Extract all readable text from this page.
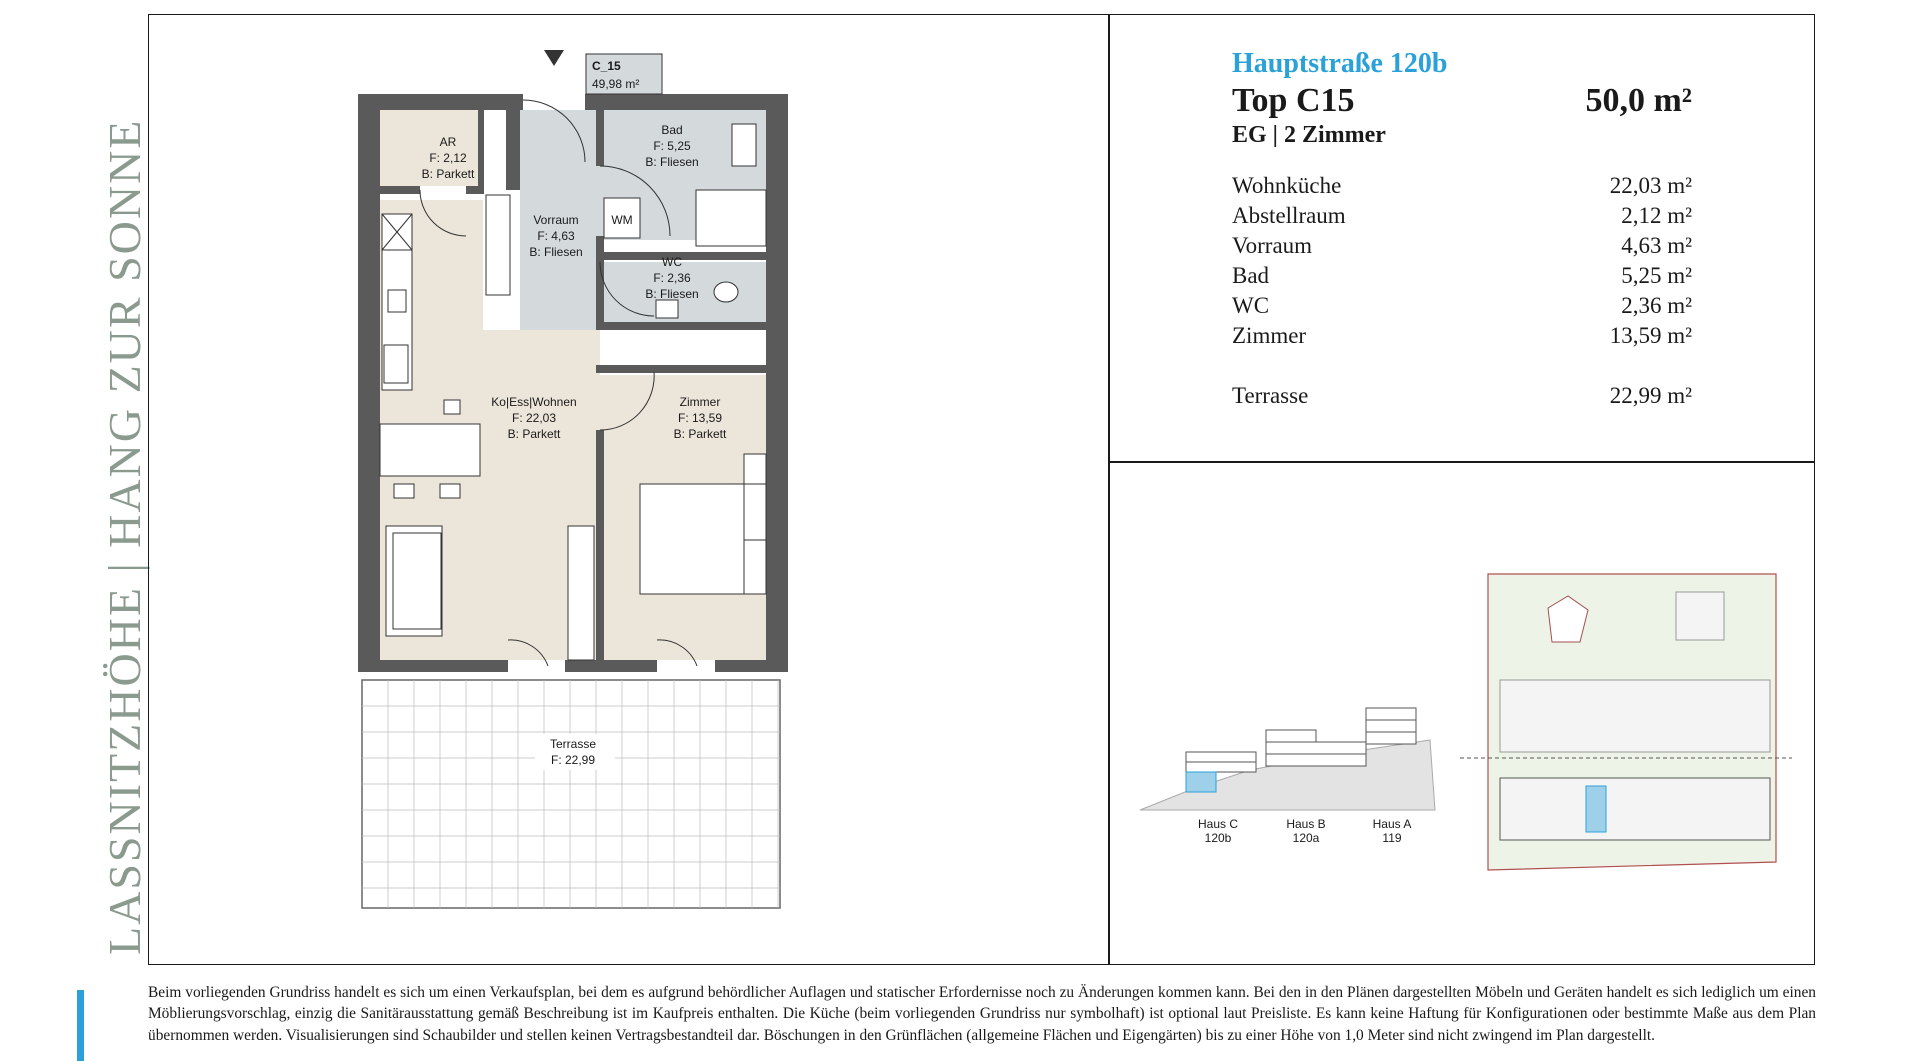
LASSNITZHÖHE | HANG ZUR SONNE
C_15
49,98 m²
AR
F: 2,12
B: Parkett
Bad
F: 5,25
B: Fliesen
WM
Vorraum
F: 4,63
B: Fliesen
WC
F: 2,36
B: Fliesen
Ko|Ess|Wohnen
F: 22,03
B: Parkett
Zimmer
F: 13,59
B: Parkett
Terrasse
F: 22,99
Hauptstraße 120b
Top C15	50,0 m²
EG | 2 Zimmer
Wohnküche	22,03 m²
Abstellraum	2,12 m²
Vorraum	4,63 m²
Bad	5,25 m²
WC	2,36 m²
Zimmer	13,59 m²
Terrasse	22,99 m²
Haus C
120b
Haus B
120a
Haus A
119
Beim vorliegenden Grundriss handelt es sich um einen Verkaufsplan, bei dem es aufgrund behördlicher Auflagen und statischer Erfordernisse noch zu Änderungen kommen kann. Bei den in den Plänen dargestellten Möbeln und Geräten handelt es sich lediglich um einen Möblierungsvorschlag, einzig die Sanitärausstattung gemäß Beschreibung ist im Kaufpreis enthalten. Die Küche (beim vorliegenden Grundriss nur symbolhaft) ist optional laut Preisliste. Es kann keine Haftung für Konfigurationen oder bestimmte Maße aus dem Plan übernommen werden. Visualisierungen sind Schaubilder und stellen keinen Vertragsbestandteil dar. Böschungen in den Grünflächen (allgemeine Flächen und Eigengärten) bis zu einer Höhe von 1,0 Meter sind nicht zwingend im Plan dargestellt.
